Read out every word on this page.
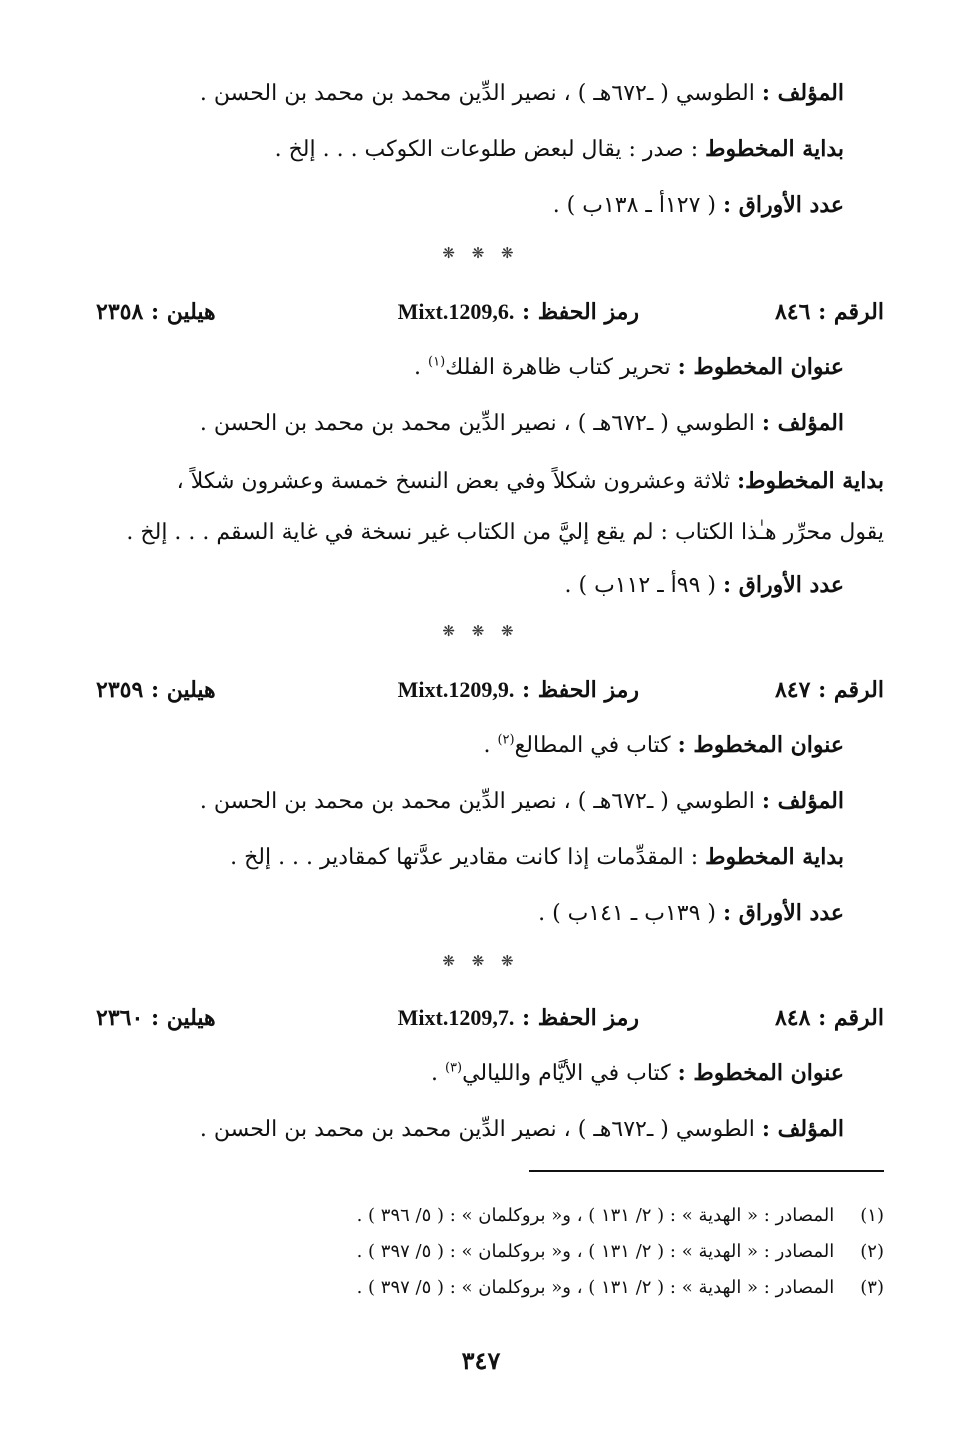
المؤلف : الطوسي ( ـ٦٧٢هـ ) ، نصير الدِّين محمد بن محمد بن الحسن .
بداية المخطوط : صدر : يقال لبعض طلوعات الكوكب . . . إلخ .
عدد الأوراق : ( ١٢٧أ ـ ١٣٨ب ) .
❋ ❋ ❋
الرقم : ٨٤٦
رمز الحفظ : Mixt.1209,6.
هيلين : ٢٣٥٨
عنوان المخطوط : تحرير كتاب ظاهرة الفلك$^{(١)}$ .
المؤلف : الطوسي ( ـ٦٧٢هـ ) ، نصير الدِّين محمد بن محمد بن الحسن .
بداية المخطوط: ثلاثة وعشرون شكلاً وفي بعض النسخ خمسة وعشرون شكلاً ،
يقول محرِّر هـٰذا الكتاب : لم يقع إليَّ من الكتاب غير نسخة في غاية السقم . . . إلخ .
عدد الأوراق : ( ٩٩أ ـ ١١٢ب ) .
❋ ❋ ❋
الرقم : ٨٤٧
رمز الحفظ : Mixt.1209,9.
هيلين : ٢٣٥٩
عنوان المخطوط : كتاب في المطالع$^{(٢)}$ .
المؤلف : الطوسي ( ـ٦٧٢هـ ) ، نصير الدِّين محمد بن محمد بن الحسن .
بداية المخطوط : المقدِّمات إذا كانت مقادير عدَّتها كمقادير . . . إلخ .
عدد الأوراق : ( ١٣٩ب ـ ١٤١ب ) .
❋ ❋ ❋
الرقم : ٨٤٨
رمز الحفظ : Mixt.1209,7.
هيلين : ٢٣٦٠
عنوان المخطوط : كتاب في الأيَّام والليالي$^{(٣)}$ .
المؤلف : الطوسي ( ـ٦٧٢هـ ) ، نصير الدِّين محمد بن محمد بن الحسن .
(١) المصادر : « الهدية » : ( ٢/ ١٣١ ) ، و« بروكلمان » : ( ٥/ ٣٩٦ ) .
(٢) المصادر : « الهدية » : ( ٢/ ١٣١ ) ، و« بروكلمان » : ( ٥/ ٣٩٧ ) .
(٣) المصادر : « الهدية » : ( ٢/ ١٣١ ) ، و« بروكلمان » : ( ٥/ ٣٩٧ ) .
٣٤٧
